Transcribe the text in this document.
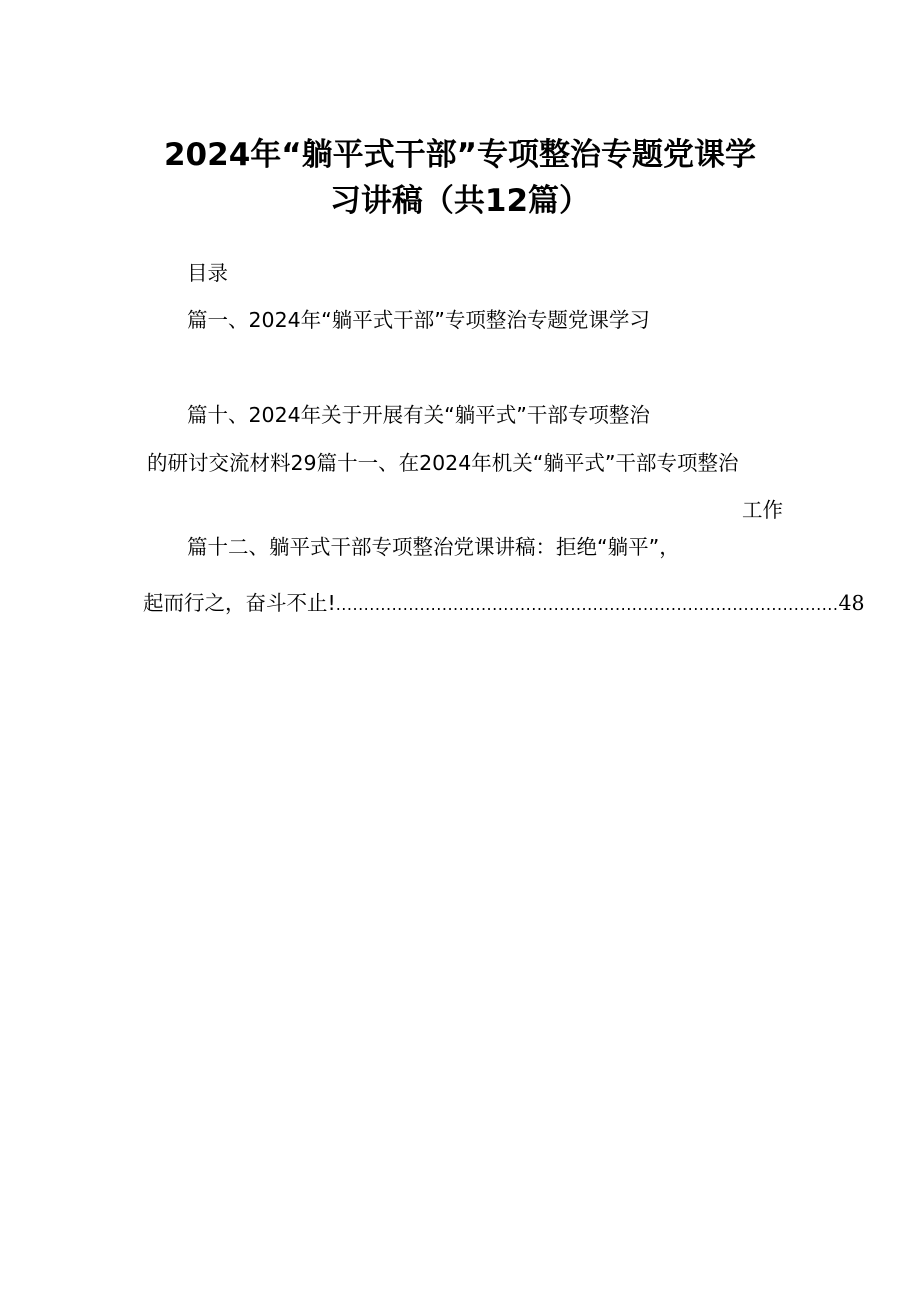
2024年“躺平式干部”专项整治专题党课学
习讲稿（共12篇）
目录
篇一、2024年“躺平式干部”专项整治专题党课学习
篇十、2024年关于开展有关“躺平式”干部专项整治
的研讨交流材料29篇十一、在2024年机关“躺平式”干部专项整治
工作
篇十二、躺平式干部专项整治党课讲稿：拒绝“躺平”，
起而行之，奋斗不止! .......................................................................................... 48
